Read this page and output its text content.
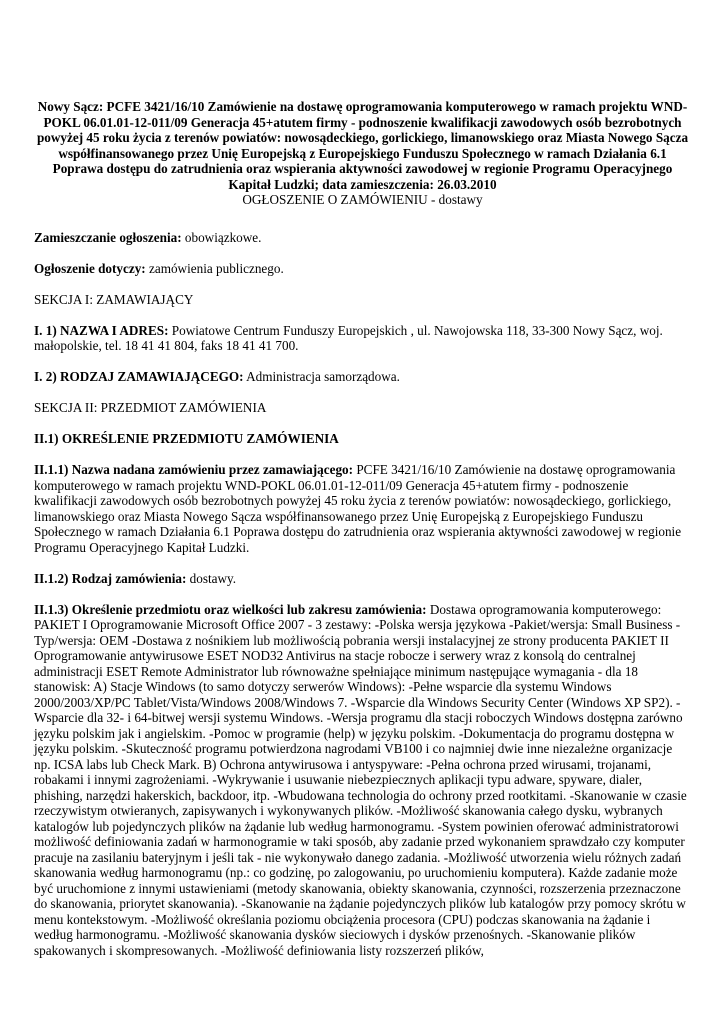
Nowy Sącz: PCFE 3421/16/10 Zamówienie na dostawę oprogramowania komputerowego w ramach projektu WND-POKL 06.01.01-12-011/09 Generacja 45+atutem firmy - podnoszenie kwalifikacji zawodowych osób bezrobotnych powyżej 45 roku życia z terenów powiatów: nowosądeckiego, gorlickiego, limanowskiego oraz Miasta Nowego Sącza współfinansowanego przez Unię Europejską z Europejskiego Funduszu Społecznego w ramach Działania 6.1 Poprawa dostępu do zatrudnienia oraz wspierania aktywności zawodowej w regionie Programu Operacyjnego Kapitał Ludzki; data zamieszczenia: 26.03.2010

OGŁOSZENIE O ZAMÓWIENIU - dostawy

Zamieszczanie ogłoszenia: obowiązkowe.

Ogłoszenie dotyczy: zamówienia publicznego.

SEKCJA I: ZAMAWIAJĄCY

I. 1) NAZWA I ADRES: Powiatowe Centrum Funduszy Europejskich , ul. Nawojowska 118, 33-300 Nowy Sącz, woj. małopolskie, tel. 18 41 41 804, faks 18 41 41 700.

I. 2) RODZAJ ZAMAWIAJĄCEGO: Administracja samorządowa.

SEKCJA II: PRZEDMIOT ZAMÓWIENIA

II.1) OKREŚLENIE PRZEDMIOTU ZAMÓWIENIA

II.1.1) Nazwa nadana zamówieniu przez zamawiającego: PCFE 3421/16/10 Zamówienie na dostawę oprogramowania komputerowego w ramach projektu WND-POKL 06.01.01-12-011/09 Generacja 45+atutem firmy - podnoszenie kwalifikacji zawodowych osób bezrobotnych powyżej 45 roku życia z terenów powiatów: nowosądeckiego, gorlickiego, limanowskiego oraz Miasta Nowego Sącza współfinansowanego przez Unię Europejską z Europejskiego Funduszu Społecznego w ramach Działania 6.1 Poprawa dostępu do zatrudnienia oraz wspierania aktywności zawodowej w regionie Programu Operacyjnego Kapitał Ludzki.

II.1.2) Rodzaj zamówienia: dostawy.

II.1.3) Określenie przedmiotu oraz wielkości lub zakresu zamówienia: Dostawa oprogramowania komputerowego: PAKIET I Oprogramowanie Microsoft Office 2007 - 3 zestawy: -Polska wersja językowa -Pakiet/wersja: Small Business -Typ/wersja: OEM -Dostawa z nośnikiem lub możliwością pobrania wersji instalacyjnej ze strony producenta PAKIET II Oprogramowanie antywirusowe ESET NOD32 Antivirus na stacje robocze i serwery wraz z konsolą do centralnej administracji ESET Remote Administrator lub równoważne spełniające minimum następujące wymagania - dla 18 stanowisk: A) Stacje Windows (to samo dotyczy serwerów Windows): -Pełne wsparcie dla systemu Windows 2000/2003/XP/PC Tablet/Vista/Windows 2008/Windows 7. -Wsparcie dla Windows Security Center (Windows XP SP2). -Wsparcie dla 32- i 64-bitwej wersji systemu Windows. -Wersja programu dla stacji roboczych Windows dostępna zarówno języku polskim jak i angielskim. -Pomoc w programie (help) w języku polskim. -Dokumentacja do programu dostępna w języku polskim. -Skuteczność programu potwierdzona nagrodami VB100 i co najmniej dwie inne niezależne organizacje np. ICSA labs lub Check Mark. B) Ochrona antywirusowa i antyspyware: -Pełna ochrona przed wirusami, trojanami, robakami i innymi zagrożeniami. -Wykrywanie i usuwanie niebezpiecznych aplikacji typu adware, spyware, dialer, phishing, narzędzi hakerskich, backdoor, itp. -Wbudowana technologia do ochrony przed rootkitami. -Skanowanie w czasie rzeczywistym otwieranych, zapisywanych i wykonywanych plików. -Możliwość skanowania całego dysku, wybranych katalogów lub pojedynczych plików na żądanie lub według harmonogramu. -System powinien oferować administratorowi możliwość definiowania zadań w harmonogramie w taki sposób, aby zadanie przed wykonaniem sprawdzało czy komputer pracuje na zasilaniu bateryjnym i jeśli tak - nie wykonywało danego zadania. -Możliwość utworzenia wielu różnych zadań skanowania według harmonogramu (np.: co godzinę, po zalogowaniu, po uruchomieniu komputera). Każde zadanie może być uruchomione z innymi ustawieniami (metody skanowania, obiekty skanowania, czynności, rozszerzenia przeznaczone do skanowania, priorytet skanowania). -Skanowanie na żądanie pojedynczych plików lub katalogów przy pomocy skrótu w menu kontekstowym. -Możliwość określania poziomu obciążenia procesora (CPU) podczas skanowania na żądanie i według harmonogramu. -Możliwość skanowania dysków sieciowych i dysków przenośnych. -Skanowanie plików spakowanych i skompresowanych. -Możliwość definiowania listy rozszerzeń plików,
